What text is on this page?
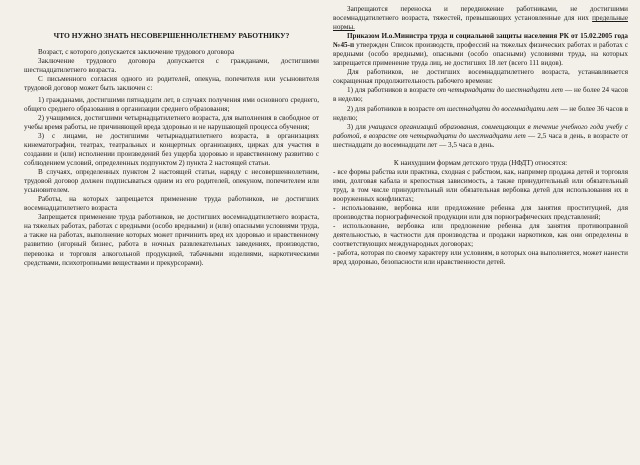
ЧТО НУЖНО ЗНАТЬ НЕСОВЕРШЕННОЛЕТНЕМУ РАБОТНИКУ?

Возраст, с которого допускается заключение трудового договора

Заключение трудового договора допускается с гражданами, достигшими шестнадцатилетнего возраста.

С письменного согласия одного из родителей, опекуна, попечителя или усыновителя трудовой договор может быть заключен с:

1) гражданами, достигшими пятнадцати лет, в случаях получения ими основного среднего, общего среднего образования в организации среднего образования;

2) учащимися, достигшими четырнадцатилетнего возраста, для выполнения в свободное от учебы время работы, не причиняющей вреда здоровью и не нарушающей процесса обучения;

3) с лицами, не достигшими четырнадцатилетнего возраста, в организациях кинематографии, театрах, театральных и концертных организациях, цирках для участия в создании и (или) исполнении произведений без ущерба здоровью и нравственному развитию с соблюдением условий, определенных подпунктом 2) пункта 2 настоящей статьи.

В случаях, определенных пунктом 2 настоящей статьи, наряду с несовершеннолетним, трудовой договор должен подписываться одним из его родителей, опекуном, попечителем или усыновителем.

Работы, на которых запрещается применение труда работников, не достигших восемнадцатилетнего возраста

Запрещается применение труда работников, не достигших восемнадцатилетнего возраста, на тяжелых работах, работах с вредными (особо вредными) и (или) опасными условиями труда, а также на работах, выполнение которых может причинить вред их здоровью и нравственному развитию (игорный бизнес, работа в ночных развлекательных заведениях, производство, перевозка и торговля алкогольной продукцией, табачными изделиями, наркотическими средствами, психотропными веществами и прекурсорами).

Запрещаются переноска и передвижение работниками, не достигшими восемнадцатилетнего возраста, тяжестей, превышающих установленные для них предельные нормы.

Приказом И.о.Министра труда и социальной защиты населения РК от 15.02.2005 года №45-п утвержден Список производств, профессий на тяжелых физических работах и работах с вредными (особо вредными), опасными (особо опасными) условиями труда, на которых запрещается применение труда лиц, не достигших 18 лет (всего 111 видов).

Для работников, не достигших восемнадцатилетнего возраста, устанавливается сокращенная продолжительность рабочего времени:

1) для работников в возрасте от четырнадцати до шестнадцати лет — не более 24 часов в неделю;

2) для работников в возрасте от шестнадцати до восемнадцати лет — не более 36 часов в неделю;

3) для учащихся организаций образования, совмещающих в течение учебного года учебу с работой, в возрасте от четырнадцати до шестнадцати лет — 2,5 часа в день, в возрасте от шестнадцати до восемнадцати лет — 3,5 часа в день.

К наихудшим формам детского труда (НФДТ) относятся:

- все формы рабства или практика, сходная с рабством, как, например продажа детей и торговля ими, долговая кабала и крепостная зависимость, а также принудительный или обязательный труд, в том числе принудительный или обязательная вербовка детей для использования их в вооруженных конфликтах;

- использование, вербовка или предложение ребенка для занятия проституцией, для производства порнографической продукции или для порнографических представлений;

- использование, вербовка или предложение ребенка для занятия противоправной деятельностью, в частности для производства и продажи наркотиков, как они определены в соответствующих международных договорах;

- работа, которая по своему характеру или условиям, в которых она выполняется, может нанести вред здоровью, безопасности или нравственности детей.
